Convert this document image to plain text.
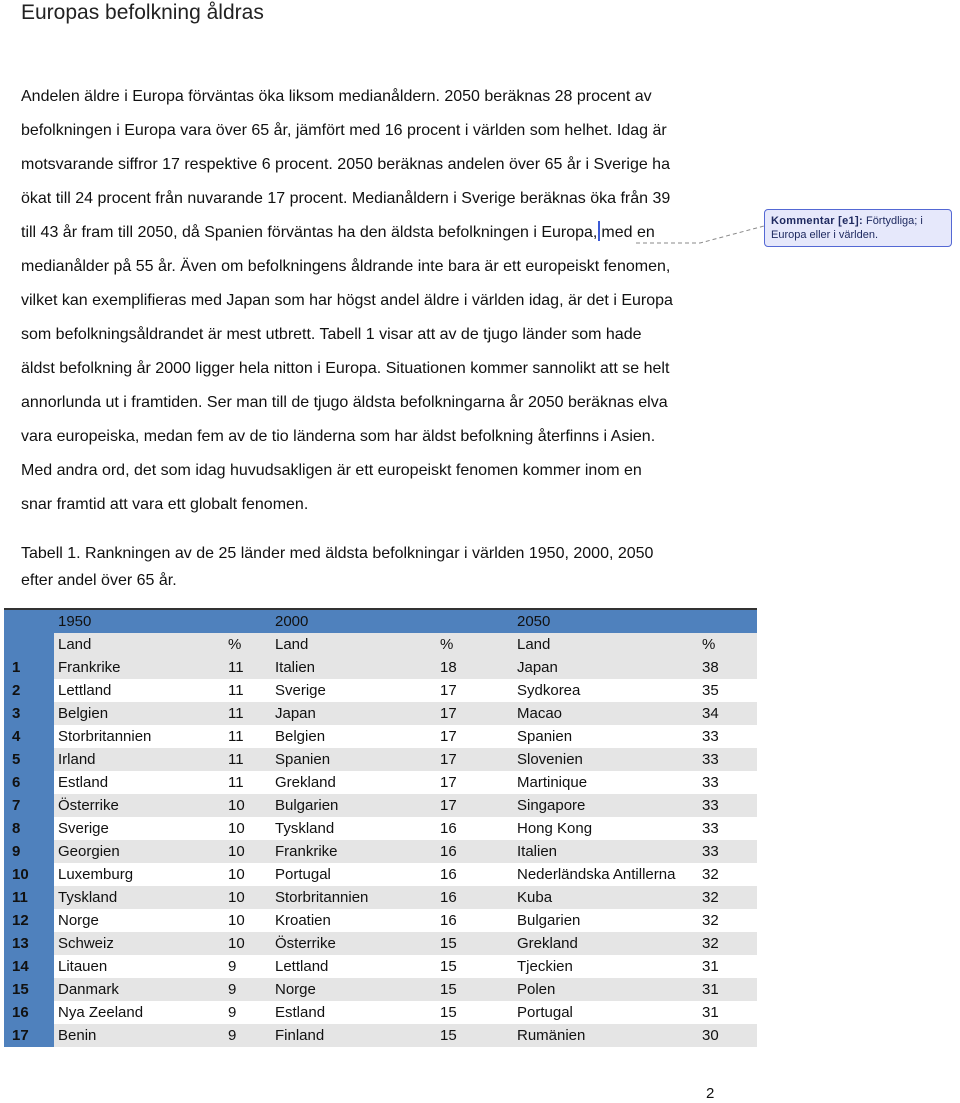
Europas befolkning åldras
Andelen äldre i Europa förväntas öka liksom medianåldern. 2050 beräknas 28 procent av
befolkningen i Europa vara över 65 år, jämfört med 16 procent i världen som helhet. Idag är
motsvarande siffror 17 respektive 6 procent. 2050 beräknas andelen över 65 år i Sverige ha
ökat till 24 procent från nuvarande 17 procent. Medianåldern i Sverige beräknas öka från 39
till 43 år fram till 2050, då Spanien förväntas ha den äldsta befolkningen i Europa, med en
medianålder på 55 år. Även om befolkningens åldrande inte bara är ett europeiskt fenomen,
vilket kan exemplifieras med Japan som har högst andel äldre i världen idag, är det i Europa
som befolkningsåldrandet är mest utbrett. Tabell 1 visar att av de tjugo länder som hade
äldst befolkning år 2000 ligger hela nitton i Europa. Situationen kommer sannolikt att se helt
annorlunda ut i framtiden. Ser man till de tjugo äldsta befolkningarna år 2050 beräknas elva
vara europeiska, medan fem av de tio länderna som har äldst befolkning återfinns i Asien.
Med andra ord, det som idag huvudsakligen är ett europeiskt fenomen kommer inom en
snar framtid att vara ett globalt fenomen.
Kommentar [e1]: Förtydliga; i
Europa eller i världen.
Tabell 1. Rankningen av de 25 länder med äldsta befolkningar i världen 1950, 2000, 2050
efter andel över 65 år.
	1950		2000		2050	
	Land	%	Land	%	Land	%
1	Frankrike	11	Italien	18	Japan	38
2	Lettland	11	Sverige	17	Sydkorea	35
3	Belgien	11	Japan	17	Macao	34
4	Storbritannien	11	Belgien	17	Spanien	33
5	Irland	11	Spanien	17	Slovenien	33
6	Estland	11	Grekland	17	Martinique	33
7	Österrike	10	Bulgarien	17	Singapore	33
8	Sverige	10	Tyskland	16	Hong Kong	33
9	Georgien	10	Frankrike	16	Italien	33
10	Luxemburg	10	Portugal	16	Nederländska Antillerna	32
11	Tyskland	10	Storbritannien	16	Kuba	32
12	Norge	10	Kroatien	16	Bulgarien	32
13	Schweiz	10	Österrike	15	Grekland	32
14	Litauen	9	Lettland	15	Tjeckien	31
15	Danmark	9	Norge	15	Polen	31
16	Nya Zeeland	9	Estland	15	Portugal	31
17	Benin	9	Finland	15	Rumänien	30
2
